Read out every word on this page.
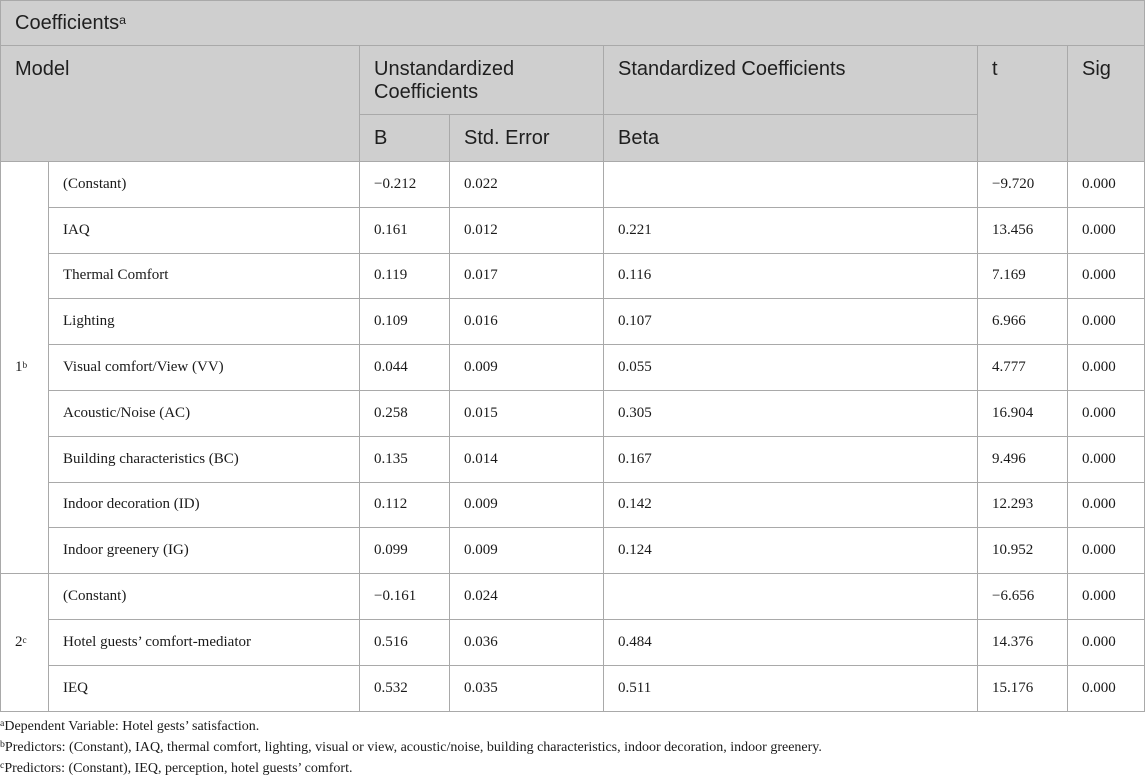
Coefficients$^a$
Model		Unstandardized Coefficients		Standardized Coefficients	t	Sig
		B	Std. Error	Beta		
1$^b$	(Constant)	−0.212	0.022		−9.720	0.000
	IAQ	0.161	0.012	0.221	13.456	0.000
	Thermal Comfort	0.119	0.017	0.116	7.169	0.000
	Lighting	0.109	0.016	0.107	6.966	0.000
	Visual comfort/View (VV)	0.044	0.009	0.055	4.777	0.000
	Acoustic/Noise (AC)	0.258	0.015	0.305	16.904	0.000
	Building characteristics (BC)	0.135	0.014	0.167	9.496	0.000
	Indoor decoration (ID)	0.112	0.009	0.142	12.293	0.000
	Indoor greenery (IG)	0.099	0.009	0.124	10.952	0.000
2$^c$	(Constant)	−0.161	0.024		−6.656	0.000
	Hotel guests’ comfort-mediator	0.516	0.036	0.484	14.376	0.000
	IEQ	0.532	0.035	0.511	15.176	0.000
$^a$Dependent Variable: Hotel gests’ satisfaction.
$^b$Predictors: (Constant), IAQ, thermal comfort, lighting, visual or view, acoustic/noise, building characteristics, indoor decoration, indoor greenery.
$^c$Predictors: (Constant), IEQ, perception, hotel guests’ comfort.
